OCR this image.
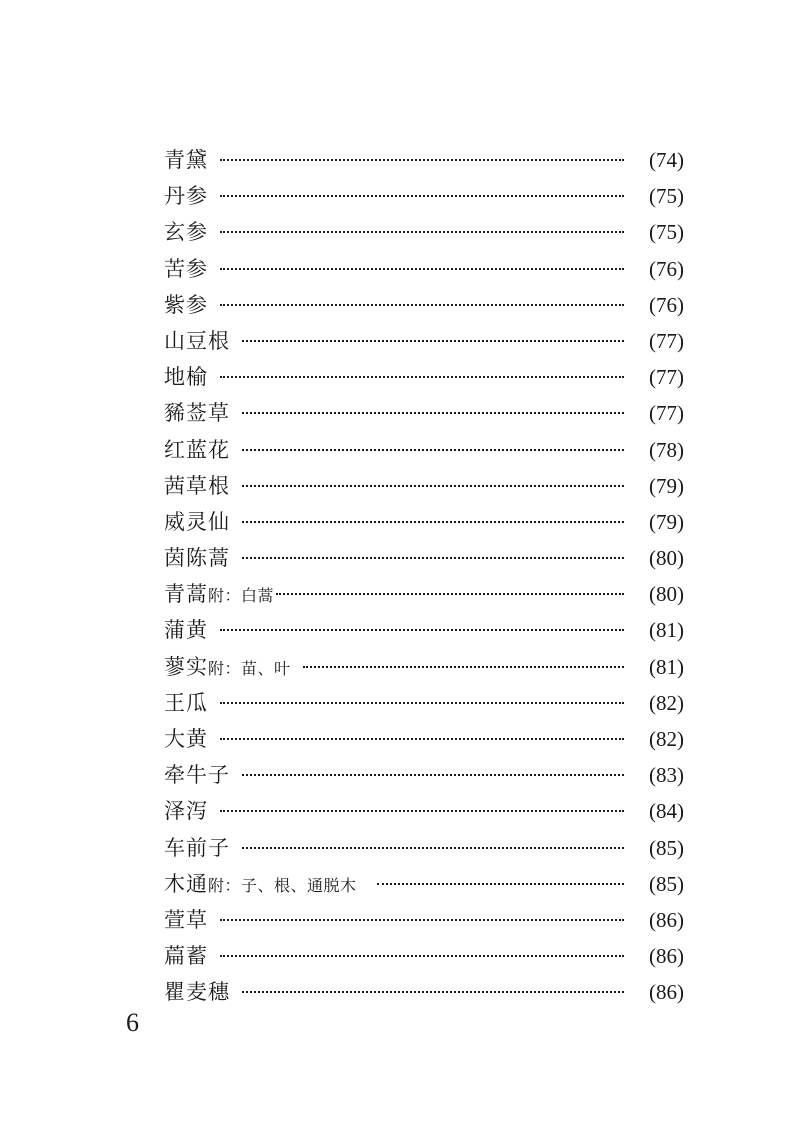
青黛	(74)
丹参	(75)
玄参	(75)
苦参	(76)
紫参	(76)
山豆根	(77)
地榆	(77)
豨莶草	(77)
红蓝花	(78)
茜草根	(79)
威灵仙	(79)
茵陈蒿	(80)
青蒿 附：白蒿	(80)
蒲黄	(81)
蓼实 附：苗、叶	(81)
王瓜	(82)
大黄	(82)
牵牛子	(83)
泽泻	(84)
车前子	(85)
木通 附：子、根、通脱木	(85)
萱草	(86)
萹蓄	(86)
瞿麦穗	(86)
6
